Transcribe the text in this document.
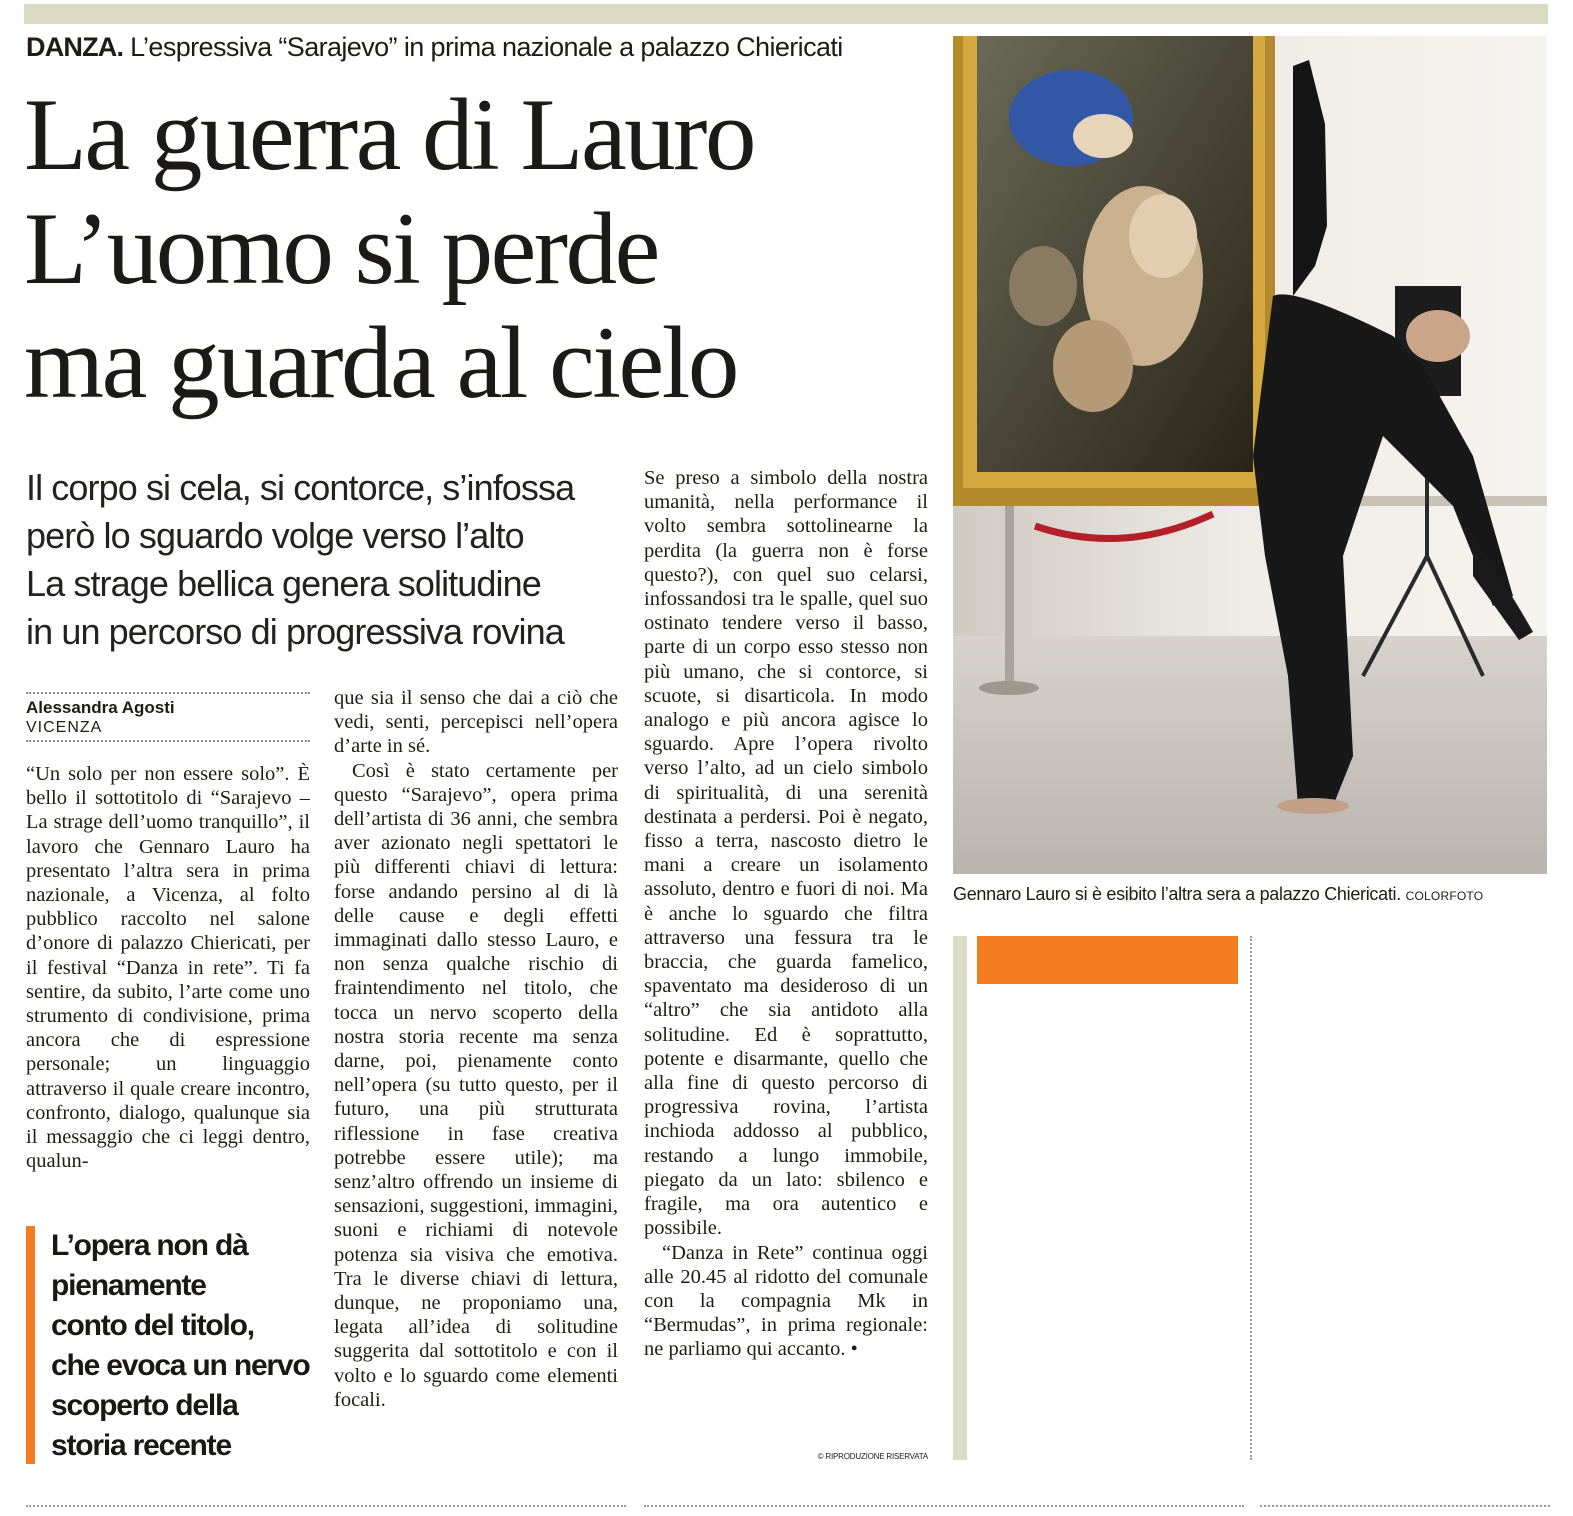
DANZA. L’espressiva “Sarajevo” in prima nazionale a palazzo Chiericati
La guerra di Lauro
L’uomo si perde
ma guarda al cielo
Il corpo si cela, si contorce, s’infossa
però lo sguardo volge verso l’alto
La strage bellica genera solitudine
in un percorso di progressiva rovina
Alessandra Agosti
VICENZA

“Un solo per non essere solo”. È bello il sottotitolo di “Sarajevo – La strage dell’uomo tranquillo”, il lavoro che Gennaro Lauro ha presentato l’altra sera in prima nazionale, a Vicenza, al folto pubblico raccolto nel salone d’onore di palazzo Chiericati, per il festival “Danza in rete”. Ti fa sentire, da subito, l’arte come uno strumento di condivisione, prima ancora che di espressione personale; un linguaggio attraverso il quale creare incontro, confronto, dialogo, qualunque sia il messaggio che ci leggi dentro, qualun-

que sia il senso che dai a ciò che vedi, senti, percepisci nell’opera d’arte in sé.

Così è stato certamente per questo “Sarajevo”, opera prima dell’artista di 36 anni, che sembra aver azionato negli spettatori le più differenti chiavi di lettura: forse andando persino al di là delle cause e degli effetti immaginati dallo stesso Lauro, e non senza qualche rischio di fraintendimento nel titolo, che tocca un nervo scoperto della nostra storia recente ma senza darne, poi, pienamente conto nell’opera (su tutto questo, per il futuro, una più strutturata riflessione in fase creativa potrebbe essere utile); ma senz’altro offrendo un insieme di sensazioni, suggestioni, immagini, suoni e richiami di notevole potenza sia visiva che emotiva. Tra le diverse chiavi di lettura, dunque, ne proponiamo una, legata all’idea di solitudine suggerita dal sottotitolo e con il volto e lo sguardo come elementi focali.

Se preso a simbolo della nostra umanità, nella performance il volto sembra sottolinearne la perdita (la guerra non è forse questo?), con quel suo celarsi, infossandosi tra le spalle, quel suo ostinato tendere verso il basso, parte di un corpo esso stesso non più umano, che si contorce, si scuote, si disarticola. In modo analogo e più ancora agisce lo sguardo. Apre l’opera rivolto verso l’alto, ad un cielo simbolo di spiritualità, di una serenità destinata a perdersi. Poi è negato, fisso a terra, nascosto dietro le mani a creare un isolamento assoluto, dentro e fuori di noi. Ma è anche lo sguardo che filtra attraverso una fessura tra le braccia, che guarda famelico, spaventato ma desideroso di un “altro” che sia antidoto alla solitudine. Ed è soprattutto, potente e disarmante, quello che alla fine di questo percorso di progressiva rovina, l’artista inchioda addosso al pubblico, restando a lungo immobile, piegato da un lato: sbilenco e fragile, ma ora autentico e possibile.

“Danza in Rete” continua oggi alle 20.45 al ridotto del comunale con la compagnia Mk in “Bermudas”, in prima regionale: ne parliamo qui accanto. •

L’opera non dà
pienamente
conto del titolo,
che evoca un nervo
scoperto della
storia recente	© RIPRODUZIONE RISERVATA
Gennaro Lauro si è esibito l’altra sera a palazzo Chiericati. COLORFOTO
